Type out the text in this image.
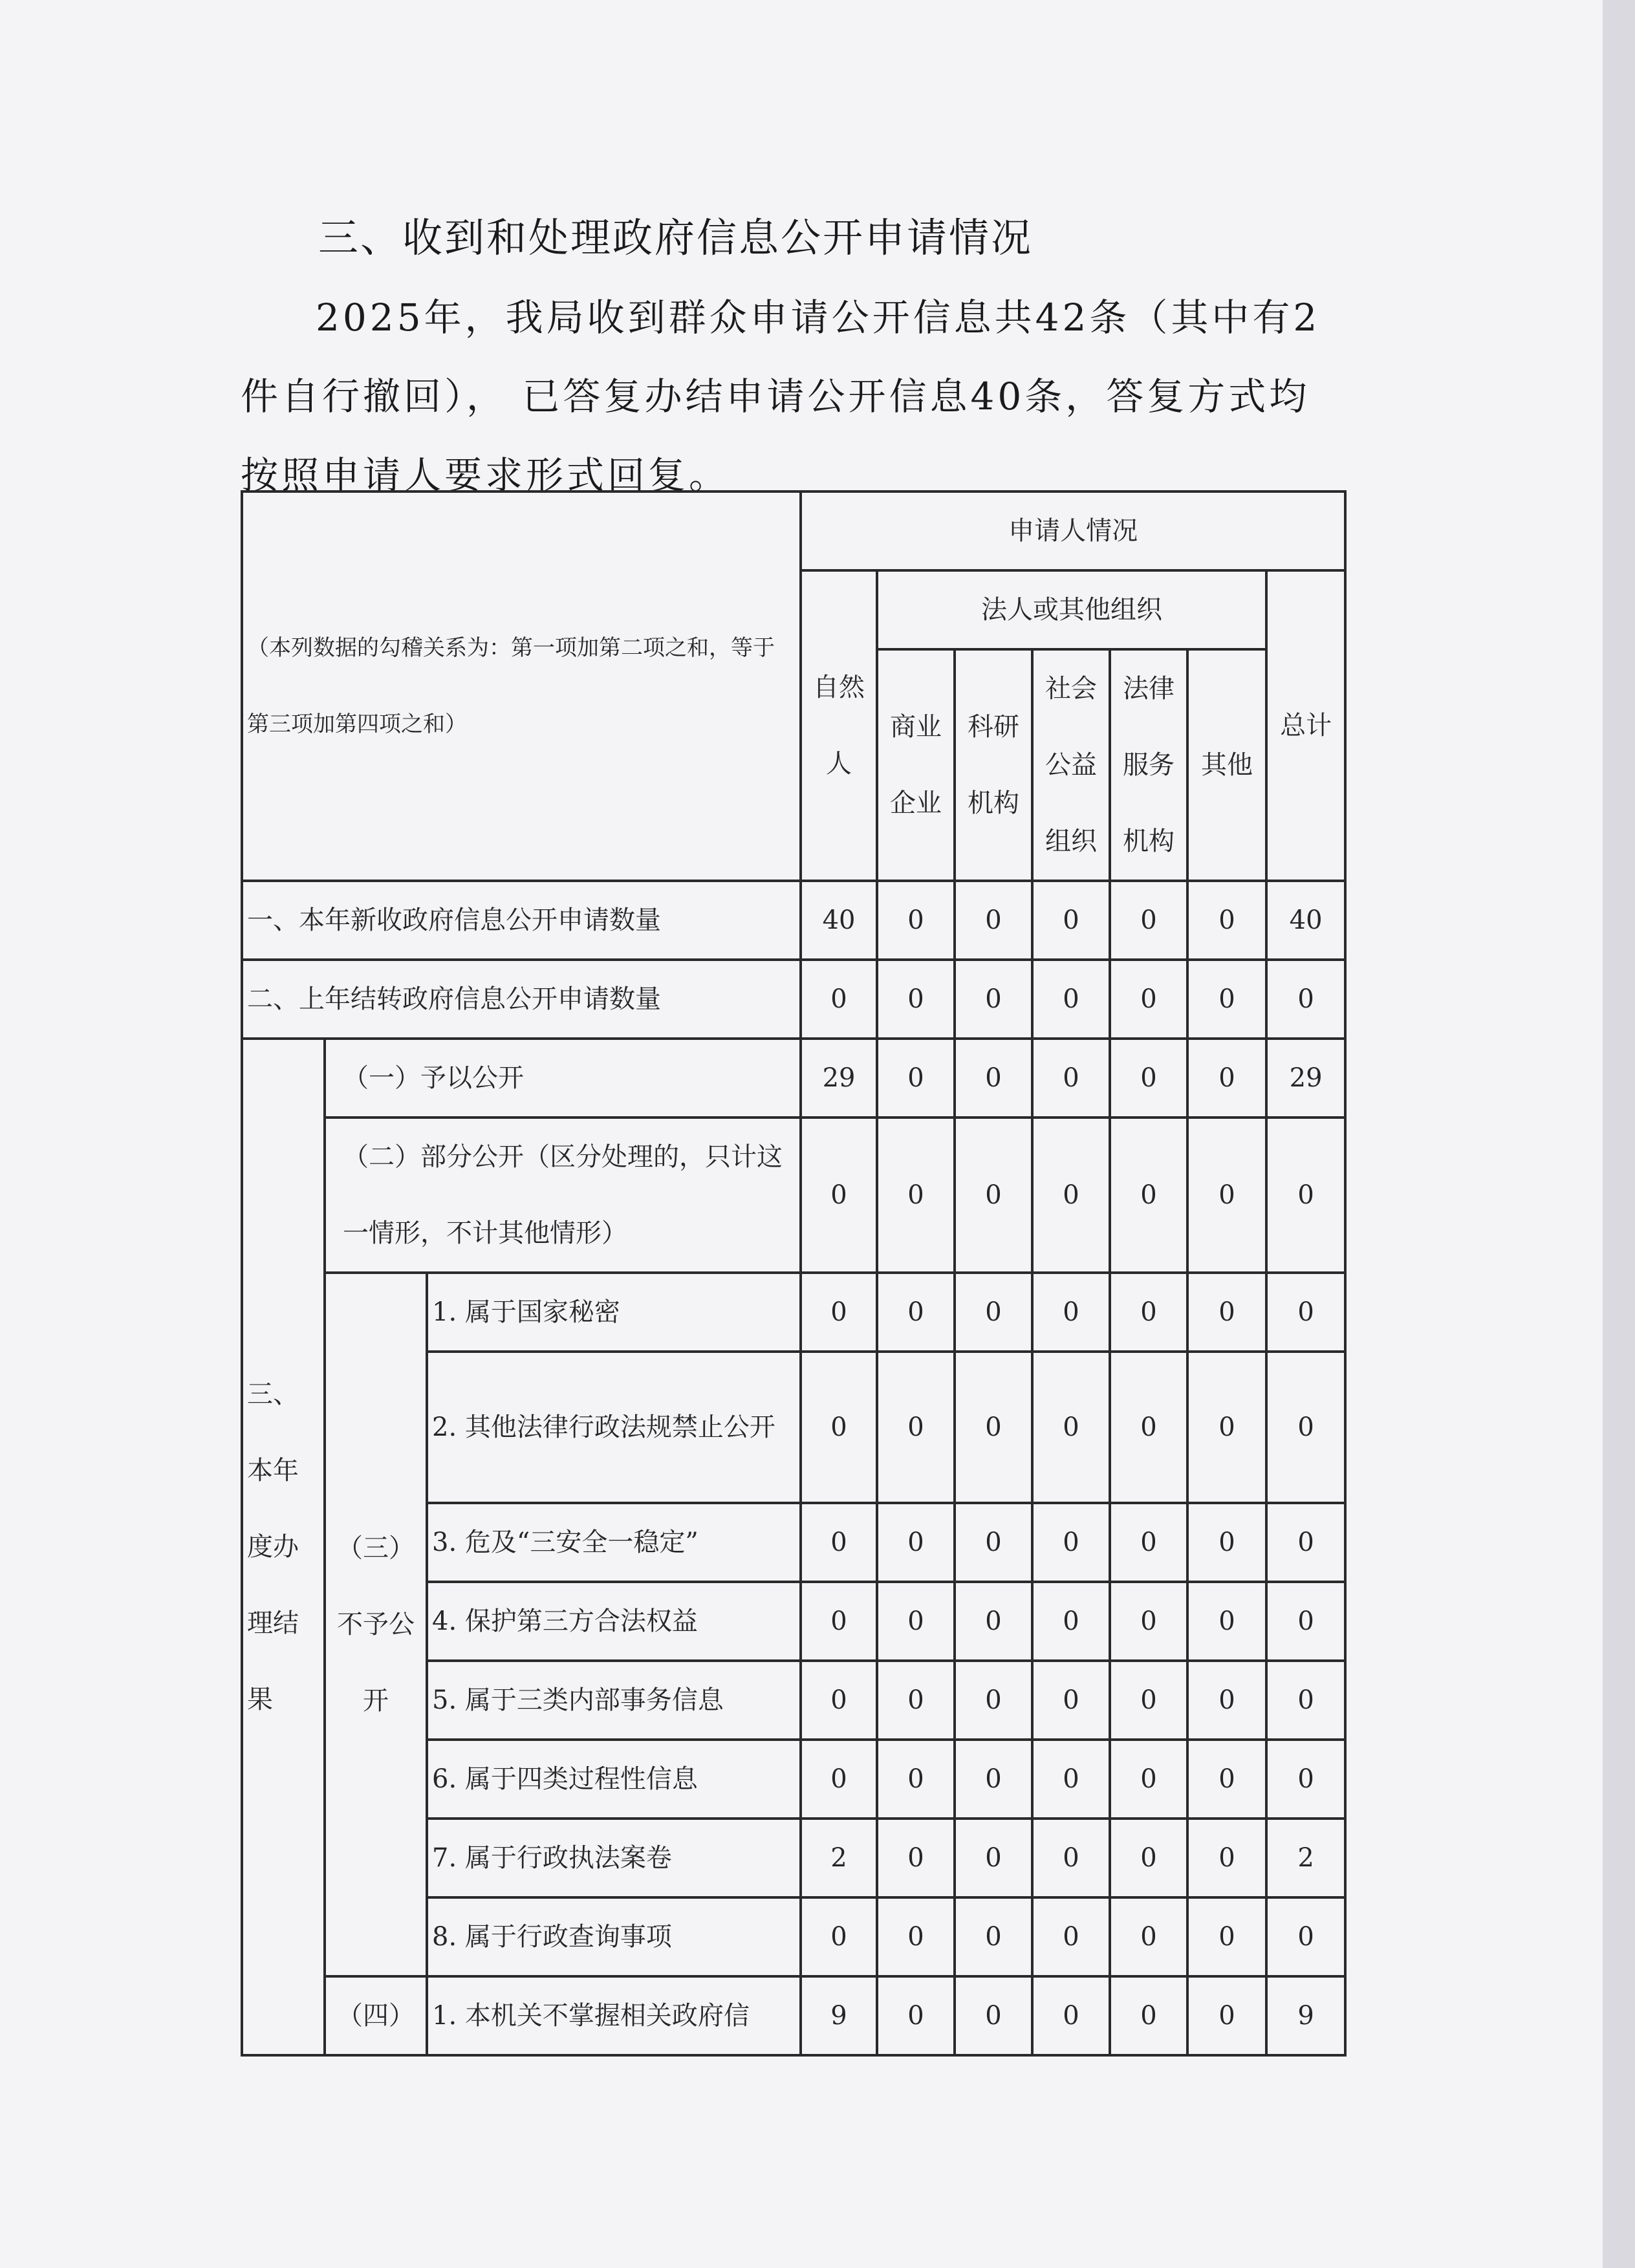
三、收到和处理政府信息公开申请情况

2025年，我局收到群众申请公开信息共42条（其中有2件自行撤回）， 已答复办结申请公开信息40条，答复方式均按照申请人要求形式回复。

（本列数据的勾稽关系为：第一项加第二项之和，等于第三项加第四项之和）			申请人情况						
			自然人	法人或其他组织					总计
				商业企业	科研机构	社会公益组织	法律服务机构	其他	
一、本年新收政府信息公开申请数量			40	0	0	0	0	0	40
二、上年结转政府信息公开申请数量			0	0	0	0	0	0	0
三、本年度办理结果	（一）予以公开		29	0	0	0	0	0	29
	（二）部分公开（区分处理的，只计这一情形，不计其他情形）		0	0	0	0	0	0	0
	（三）不予公开	1. 属于国家秘密	0	0	0	0	0	0	0
		2. 其他法律行政法规禁止公开	0	0	0	0	0	0	0
		3. 危及“三安全一稳定”	0	0	0	0	0	0	0
		4. 保护第三方合法权益	0	0	0	0	0	0	0
		5. 属于三类内部事务信息	0	0	0	0	0	0	0
		6. 属于四类过程性信息	0	0	0	0	0	0	0
		7. 属于行政执法案卷	2	0	0	0	0	0	2
		8. 属于行政查询事项	0	0	0	0	0	0	0
	（四）	1. 本机关不掌握相关政府信	9	0	0	0	0	0	9
